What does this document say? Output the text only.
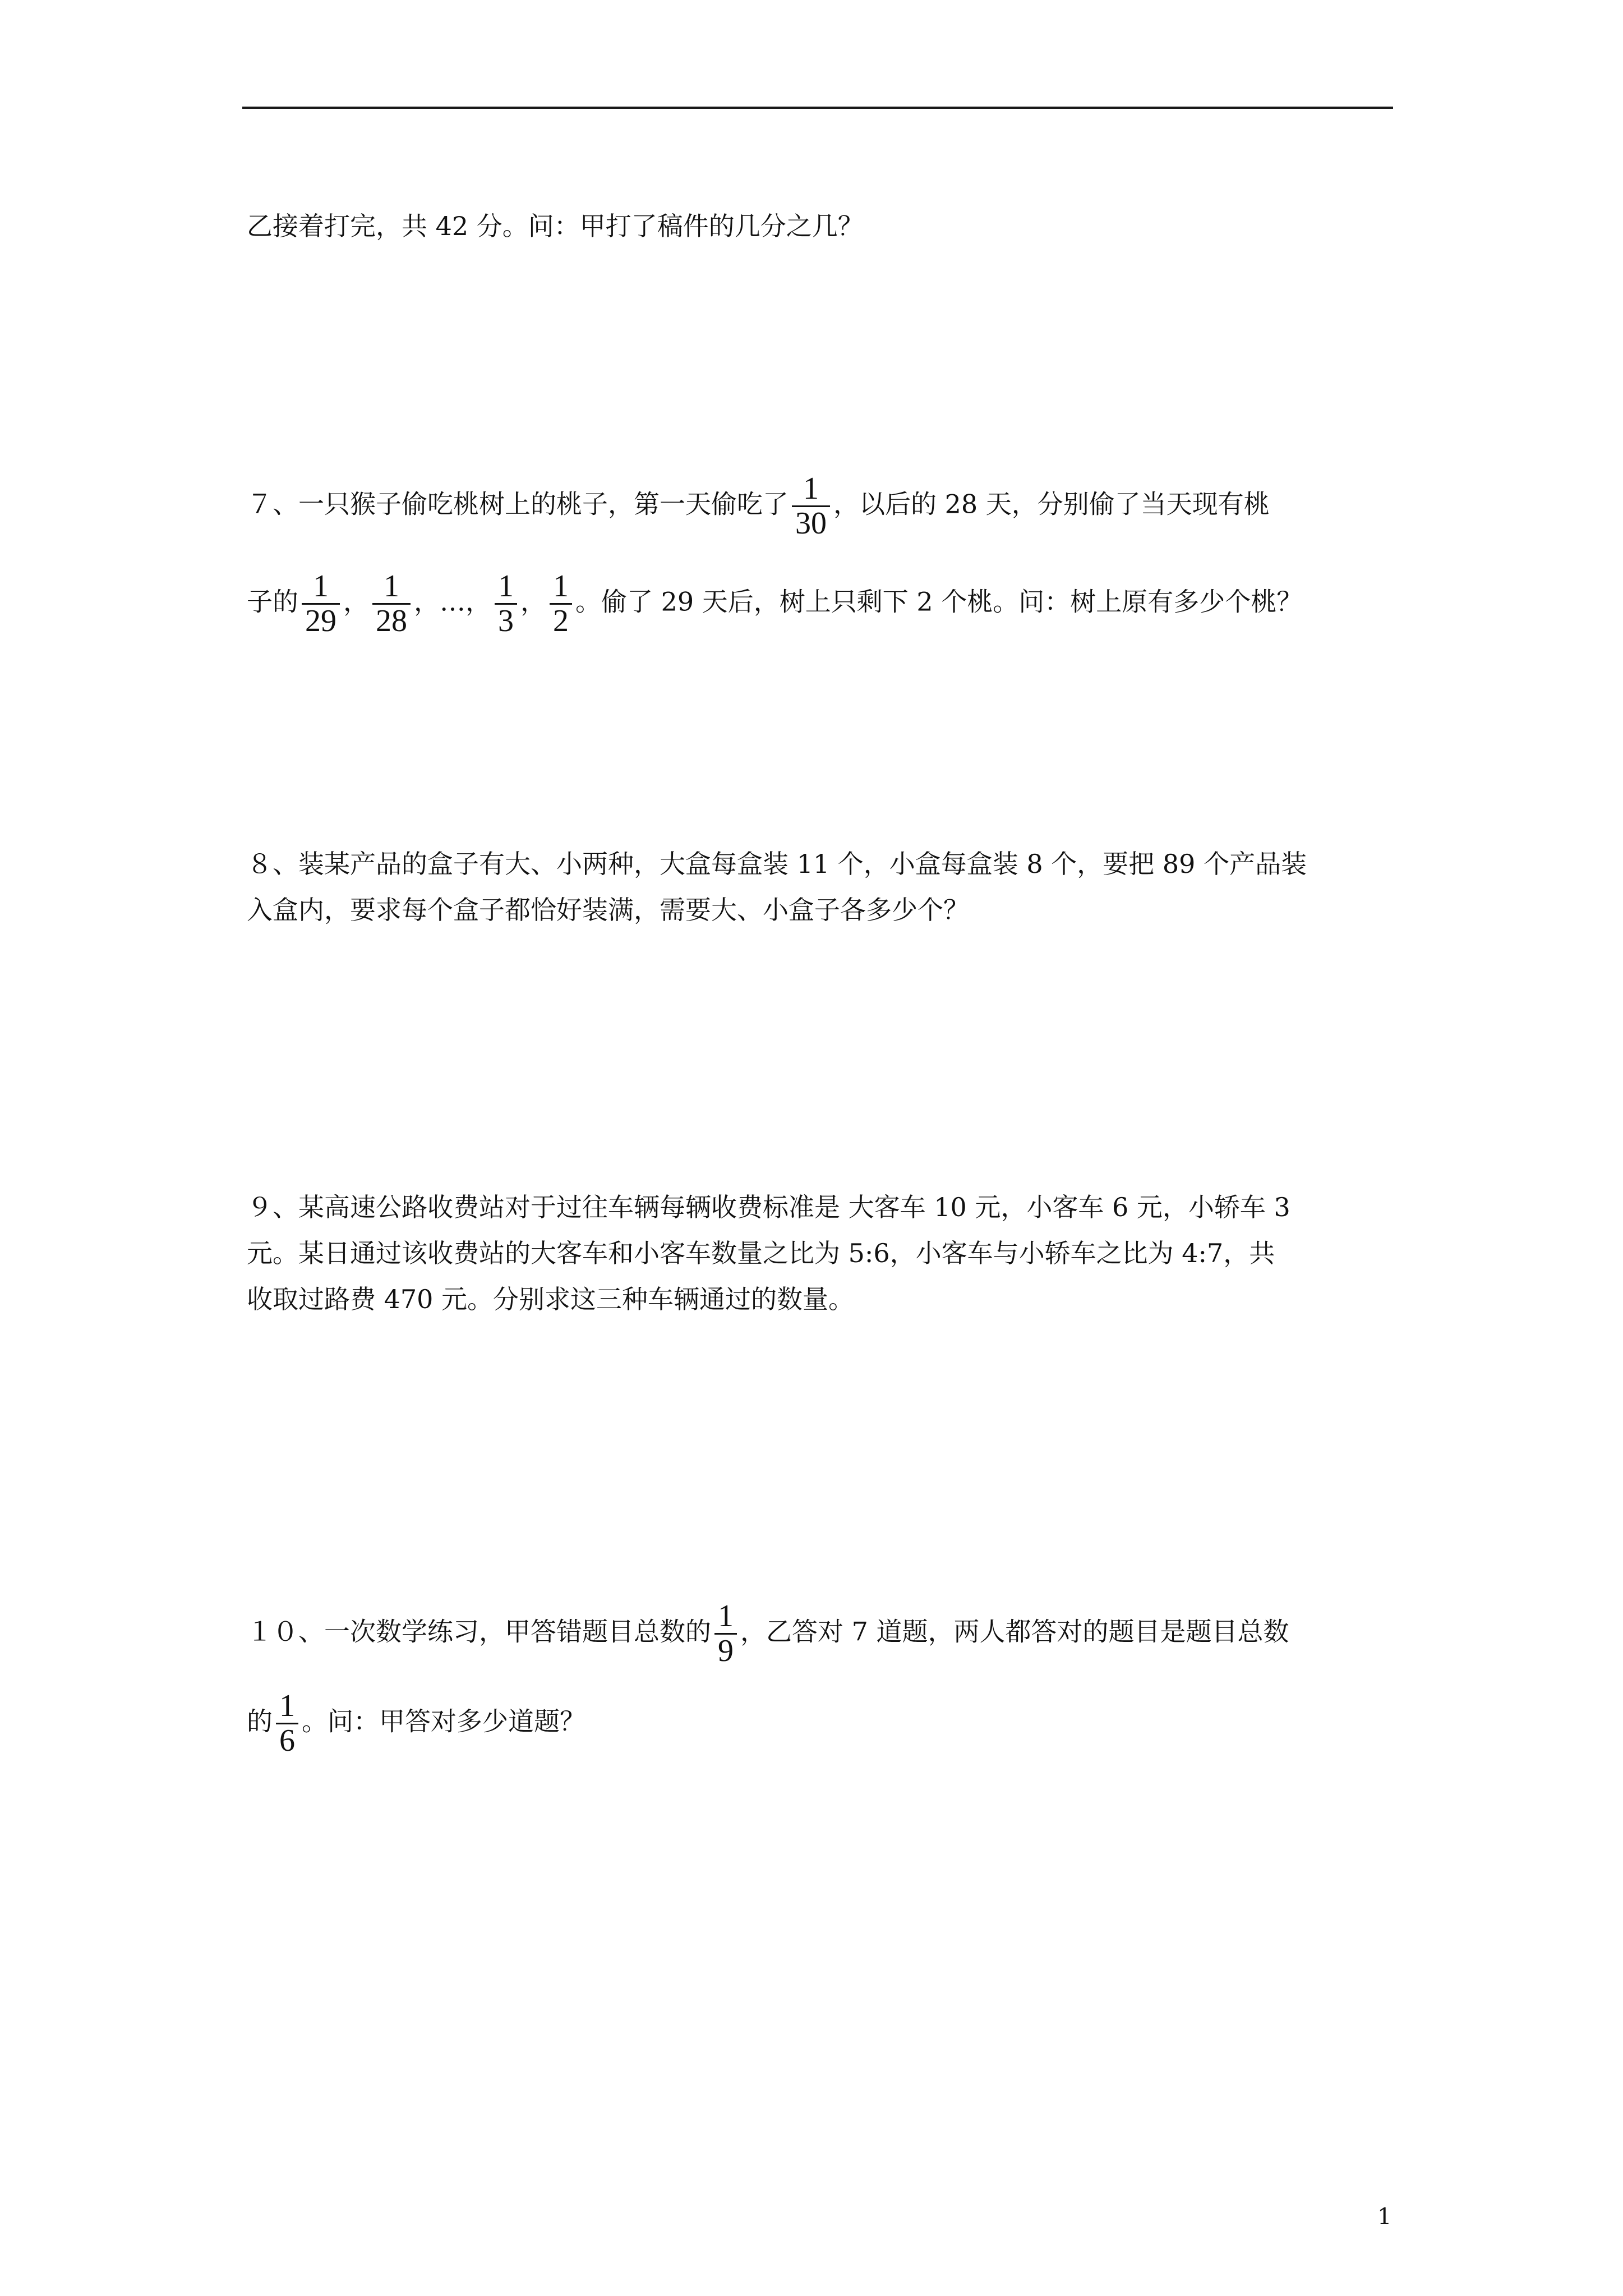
乙接着打完，共 42 分。问：甲打了稿件的几分之几？
７、一只猴子偷吃桃树上的桃子，第一天偷吃了 $\frac{1}{30}$ ，以后的 28 天，分别偷了当天现有桃
子的 $\frac{1}{29}$ ， $\frac{1}{28}$ ，…， $\frac{1}{3}$ ， $\frac{1}{2}$ 。偷了 29 天后，树上只剩下 2 个桃。问：树上原有多少个桃？
８、装某产品的盒子有大、小两种，大盒每盒装 11 个，小盒每盒装 8 个，要把 89 个产品装
入盒内，要求每个盒子都恰好装满，需要大、小盒子各多少个？
９、某高速公路收费站对于过往车辆每辆收费标准是 大客车 10 元，小客车 6 元，小轿车 3
元。某日通过该收费站的大客车和小客车数量之比为 5:6，小客车与小轿车之比为 4:7，共
收取过路费 470 元。分别求这三种车辆通过的数量。
１０、一次数学练习，甲答错题目总数的 $\frac{1}{9}$ ，乙答对 7 道题，两人都答对的题目是题目总数
的 $\frac{1}{6}$ 。问：甲答对多少道题？
1
